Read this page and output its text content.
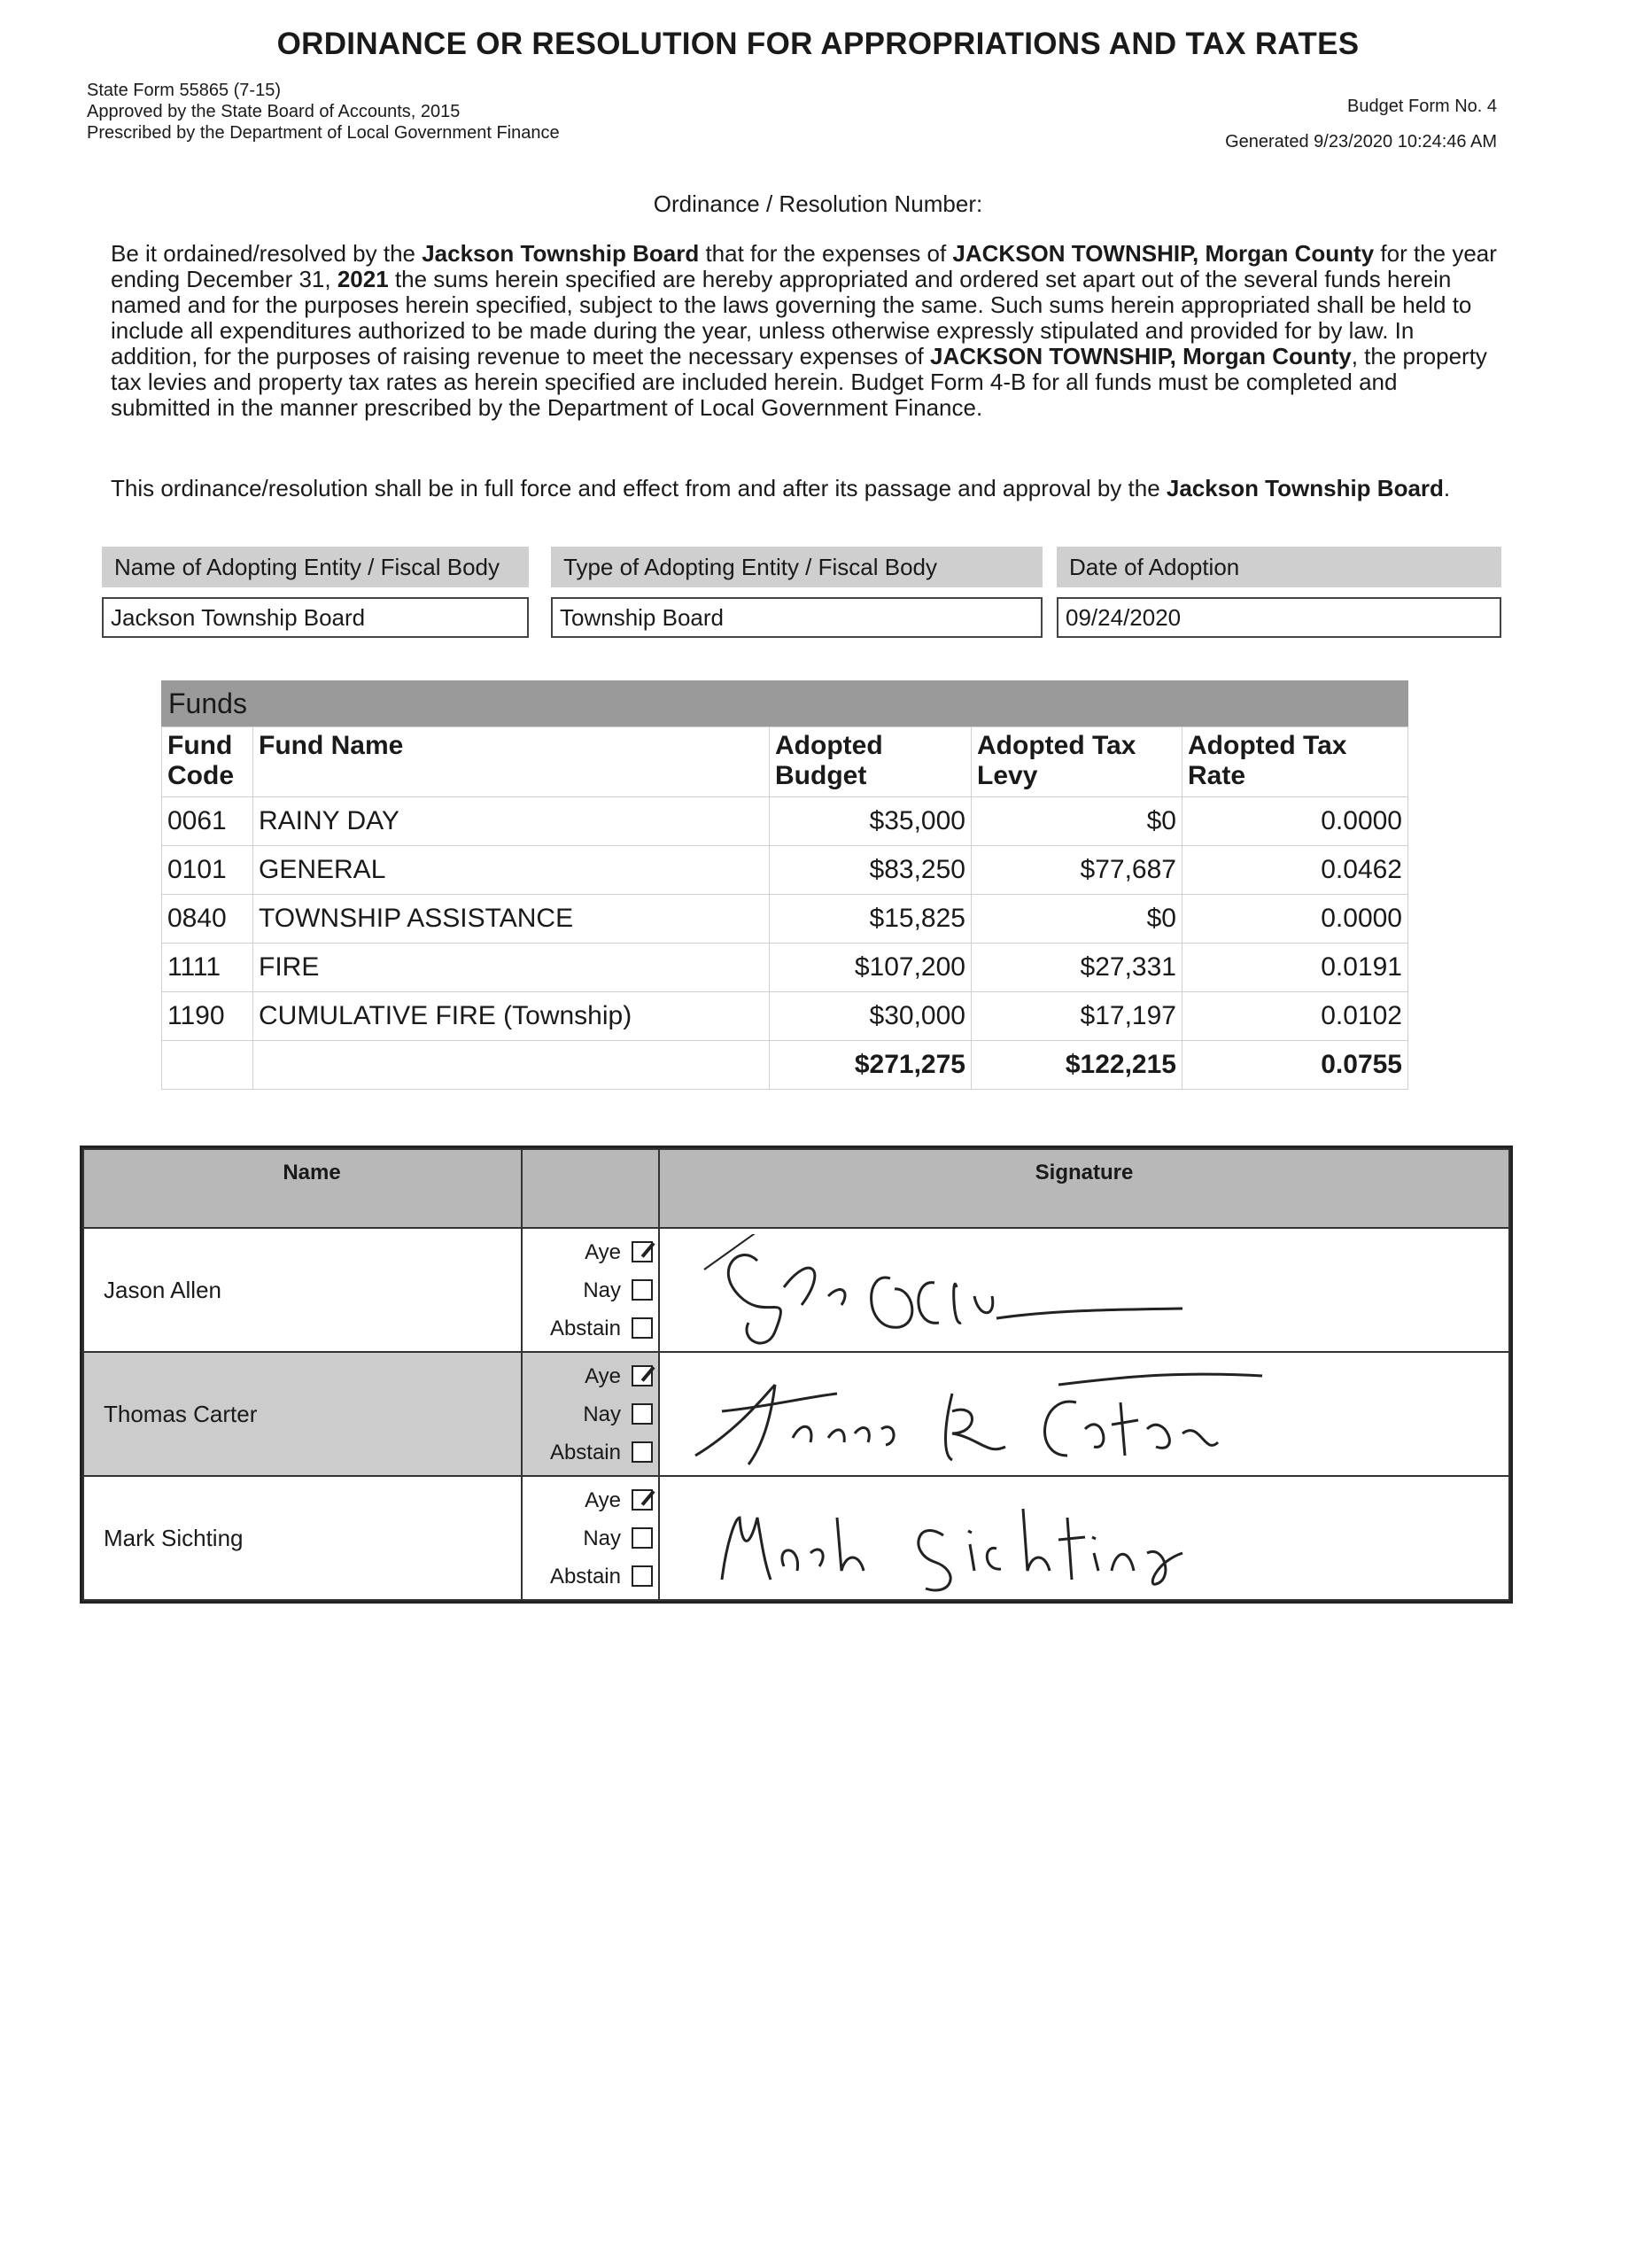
ORDINANCE OR RESOLUTION FOR APPROPRIATIONS AND TAX RATES
State Form 55865 (7-15)
Approved by the State Board of Accounts, 2015
Prescribed by the Department of Local Government Finance
Budget Form No. 4
Generated 9/23/2020 10:24:46 AM
Ordinance / Resolution Number:
Be it ordained/resolved by the Jackson Township Board that for the expenses of JACKSON TOWNSHIP, Morgan County for the year ending December 31, 2021 the sums herein specified are hereby appropriated and ordered set apart out of the several funds herein named and for the purposes herein specified, subject to the laws governing the same. Such sums herein appropriated shall be held to include all expenditures authorized to be made during the year, unless otherwise expressly stipulated and provided for by law. In addition, for the purposes of raising revenue to meet the necessary expenses of JACKSON TOWNSHIP, Morgan County, the property tax levies and property tax rates as herein specified are included herein. Budget Form 4-B for all funds must be completed and submitted in the manner prescribed by the Department of Local Government Finance.
This ordinance/resolution shall be in full force and effect from and after its passage and approval by the Jackson Township Board.
Name of Adopting Entity / Fiscal Body	Type of Adopting Entity / Fiscal Body	Date of Adoption
Jackson Township Board	Township Board	09/24/2020
Funds
Fund Code	Fund Name	Adopted Budget	Adopted Tax Levy	Adopted Tax Rate
0061	RAINY DAY	$35,000	$0	0.0000
0101	GENERAL	$83,250	$77,687	0.0462
0840	TOWNSHIP ASSISTANCE	$15,825	$0	0.0000
1111	FIRE	$107,200	$27,331	0.0191
1190	CUMULATIVE FIRE (Township)	$30,000	$17,197	0.0102
		$271,275	$122,215	0.0755
Name		Signature
Jason Allen	Aye
Nay
Abstain

Thomas Carter	Aye
Nay
Abstain

Mark Sichting	Aye
Nay
Abstain
